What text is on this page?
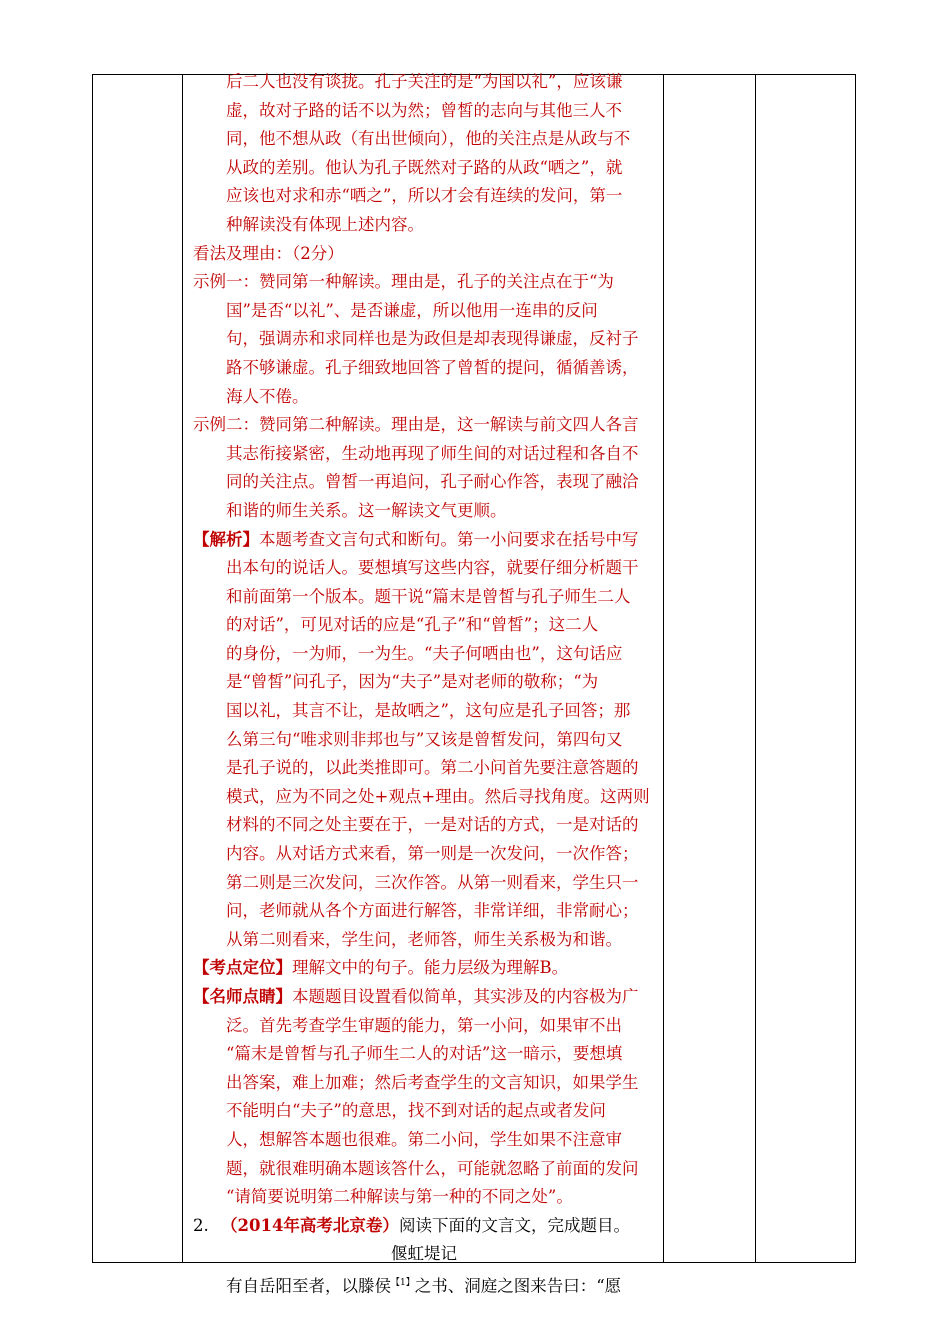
后二人也没有谈拢。孔子关注的是“为国以礼”，应该谦
虚，故对子路的话不以为然；曾皙的志向与其他三人不
同，他不想从政（有出世倾向），他的关注点是从政与不
从政的差别。他认为孔子既然对子路的从政“哂之”，就
应该也对求和赤“哂之”，所以才会有连续的发问，第一
种解读没有体现上述内容。
看法及理由：（2分）
示例一：赞同第一种解读。理由是，孔子的关注点在于“为
国”是否“以礼”、是否谦虚，所以他用一连串的反问
句，强调赤和求同样也是为政但是却表现得谦虚，反衬子
路不够谦虚。孔子细致地回答了曾皙的提问，循循善诱，
海人不倦。
示例二：赞同第二种解读。理由是，这一解读与前文四人各言
其志衔接紧密，生动地再现了师生间的对话过程和各自不
同的关注点。曾皙一再追问，孔子耐心作答，表现了融洽
和谐的师生关系。这一解读文气更顺。
【解析】本题考查文言句式和断句。第一小问要求在括号中写
出本句的说话人。要想填写这些内容，就要仔细分析题干
和前面第一个版本。题干说“篇末是曾皙与孔子师生二人
的对话”，可见对话的应是“孔子”和“曾皙”；这二人
的身份，一为师，一为生。“夫子何哂由也”，这句话应
是“曾皙”问孔子，因为“夫子”是对老师的敬称；“为
国以礼，其言不让，是故哂之”，这句应是孔子回答；那
么第三句“唯求则非邦也与”又该是曾皙发问，第四句又
是孔子说的，以此类推即可。第二小问首先要注意答题的
模式，应为不同之处+观点+理由。然后寻找角度。这两则
材料的不同之处主要在于，一是对话的方式，一是对话的
内容。从对话方式来看，第一则是一次发问，一次作答；
第二则是三次发问，三次作答。从第一则看来，学生只一
问，老师就从各个方面进行解答，非常详细，非常耐心；
从第二则看来，学生问，老师答，师生关系极为和谐。
【考点定位】理解文中的句子。能力层级为理解B。
【名师点睛】本题题目设置看似简单，其实涉及的内容极为广
泛。首先考查学生审题的能力，第一小问，如果审不出
“篇末是曾皙与孔子师生二人的对话”这一暗示，要想填
出答案，难上加难；然后考查学生的文言知识，如果学生
不能明白“夫子”的意思，找不到对话的起点或者发问
人，想解答本题也很难。第二小问，学生如果不注意审
题，就很难明确本题该答什么，可能就忽略了前面的发问
“请简要说明第二种解读与第一种的不同之处”。
2. （2014年高考北京卷）阅读下面的文言文，完成题目。
偃虹堤记
有自岳阳至者，以滕侯$^{【1】}$之书、洞庭之图来告曰：“愿
